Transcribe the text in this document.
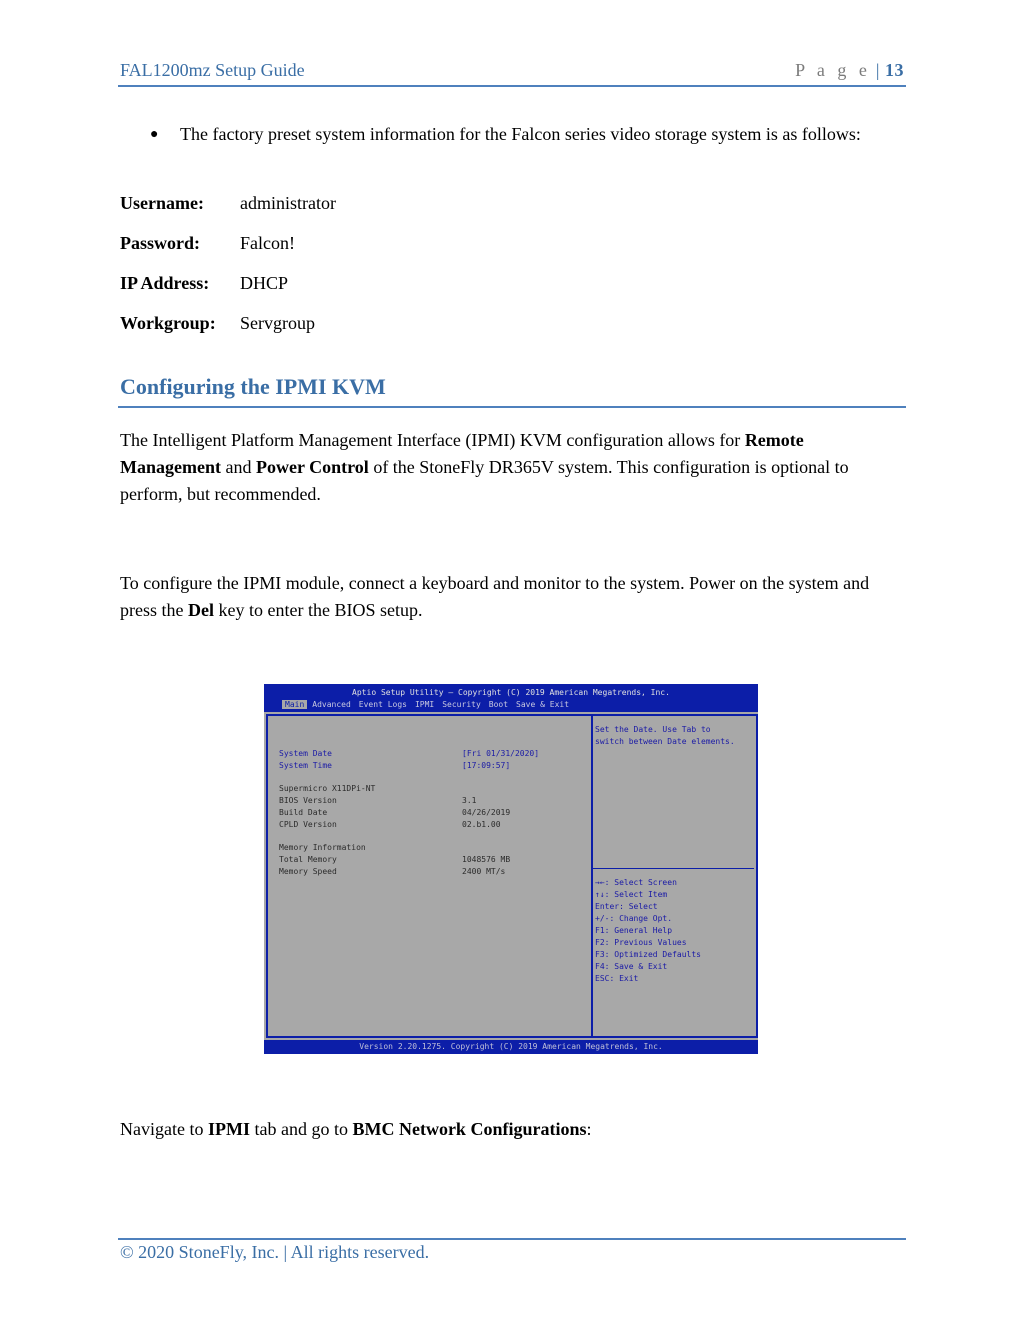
FAL1200mz Setup Guide	P a g e | 13
● The factory preset system information for the Falcon series video storage system is as follows:
Username: administrator
Password: Falcon!
IP Address: DHCP
Workgroup: Servgroup
Configuring the IPMI KVM
The Intelligent Platform Management Interface (IPMI) KVM configuration allows for Remote Management and Power Control of the StoneFly DR365V system. This configuration is optional to perform, but recommended.
To configure the IPMI module, connect a keyboard and monitor to the system. Power on the system and press the Del key to enter the BIOS setup.
Aptio Setup Utility – Copyright (C) 2019 American Megatrends, Inc.
Main Advanced Event Logs IPMI Security Boot Save & Exit
System Date	[Fri 01/31/2020]
System Time	[17:09:57]
Supermicro X11DPi-NT
BIOS Version	3.1
Build Date	04/26/2019
CPLD Version	02.b1.00
Memory Information
Total Memory	1048576 MB
Memory Speed	2400 MT/s
Set the Date. Use Tab to
switch between Date elements.
→←: Select Screen
↑↓: Select Item
Enter: Select
+/-: Change Opt.
F1: General Help
F2: Previous Values
F3: Optimized Defaults
F4: Save & Exit
ESC: Exit
Version 2.20.1275. Copyright (C) 2019 American Megatrends, Inc.
Navigate to IPMI tab and go to BMC Network Configurations:
© 2020 StoneFly, Inc. | All rights reserved.
